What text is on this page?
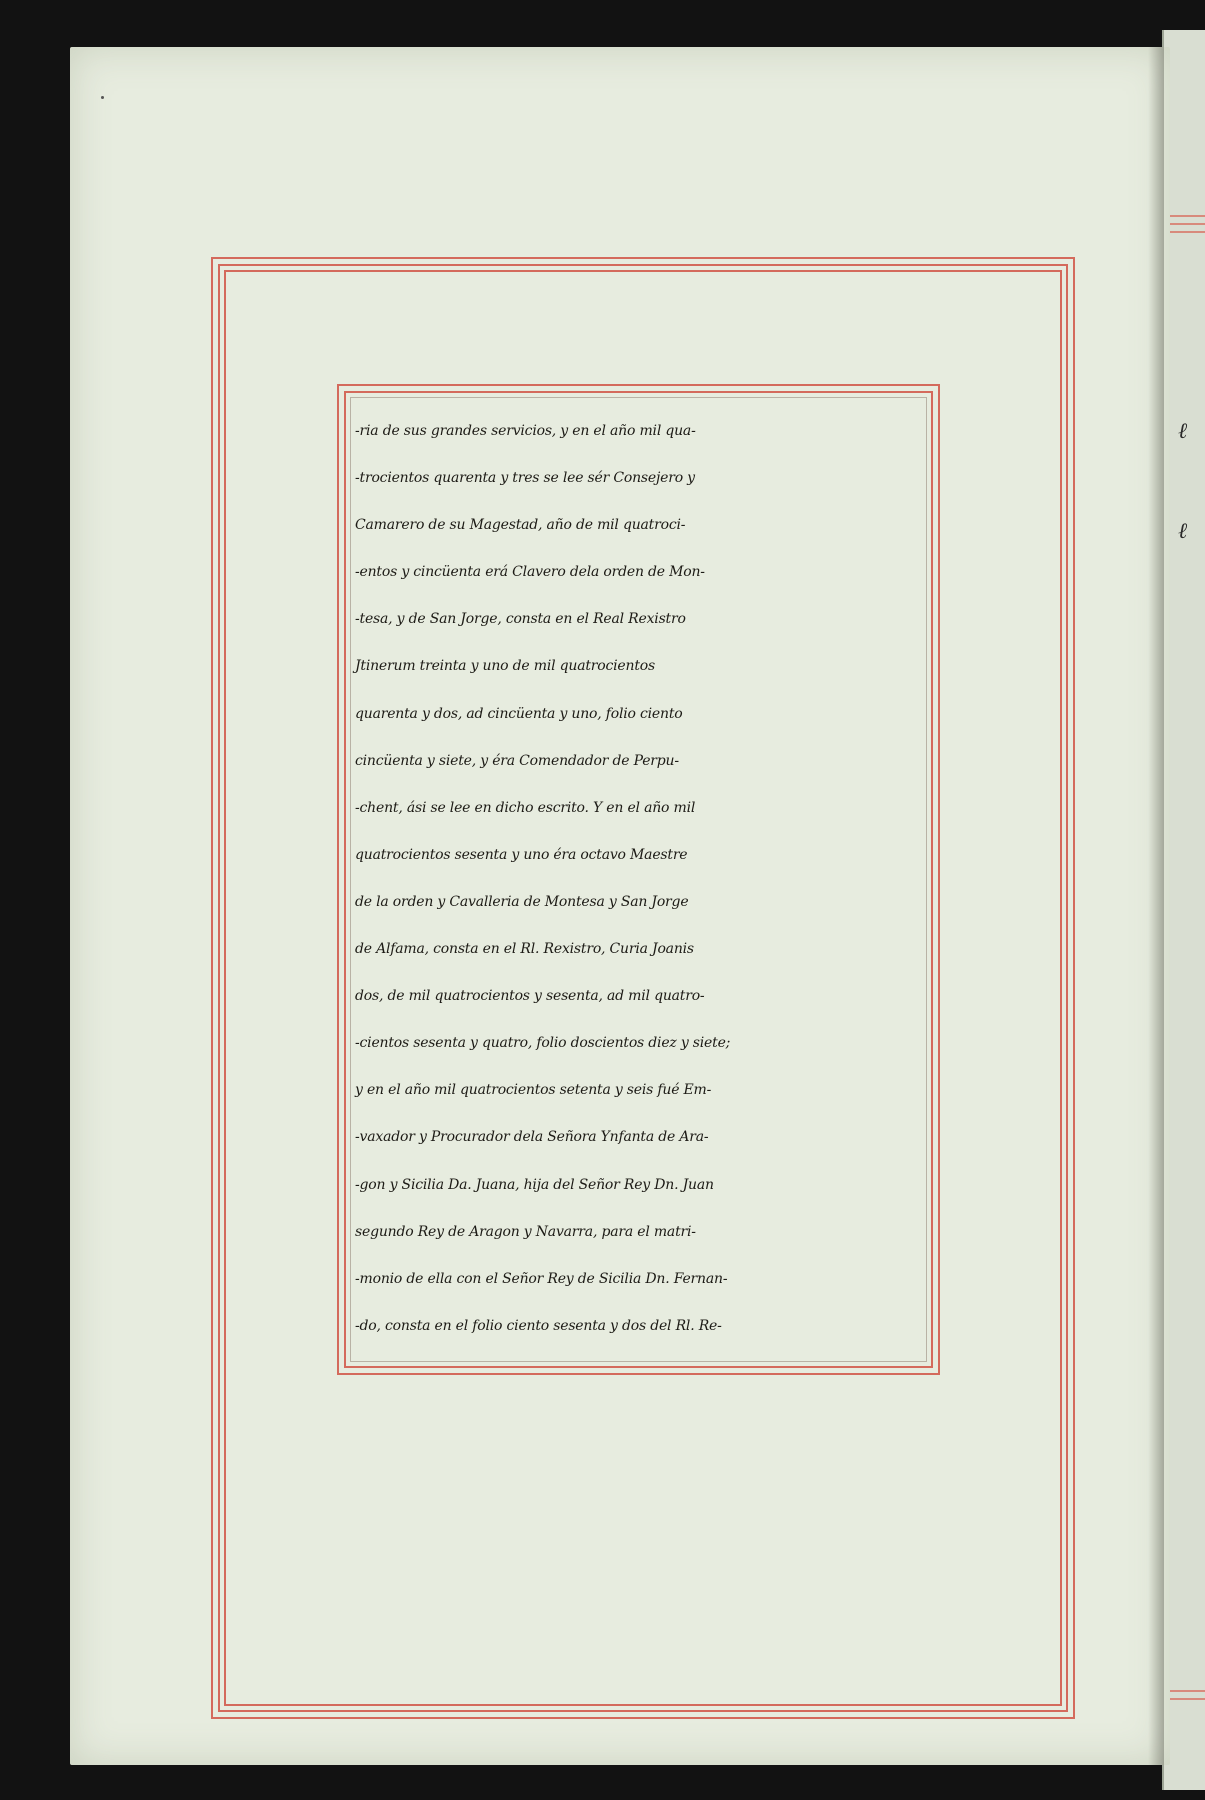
ℓ
ℓ
-ria de sus grandes servicios, y en el año mil qua-
-trocientos quarenta y tres se lee sér Consejero y
Camarero de su Magestad, año de mil quatroci-
-entos y cincüenta erá Clavero dela orden de Mon-
-tesa, y de San Jorge, consta en el Real Rexistro
Jtinerum treinta y uno de mil quatrocientos
quarenta y dos, ad cincüenta y uno, folio ciento
cincüenta y siete, y éra Comendador de Perpu-
-chent, ási se lee en dicho escrito. Y en el año mil
quatrocientos sesenta y uno éra octavo Maestre
de la orden y Cavalleria de Montesa y San Jorge
de Alfama, consta en el Rl. Rexistro, Curia Joanis
dos, de mil quatrocientos y sesenta, ad mil quatro-
-cientos sesenta y quatro, folio doscientos diez y siete;
y en el año mil quatrocientos setenta y seis fué Em-
-vaxador y Procurador dela Señora Ynfanta de Ara-
-gon y Sicilia Da. Juana, hija del Señor Rey Dn. Juan
segundo Rey de Aragon y Navarra, para el matri-
-monio de ella con el Señor Rey de Sicilia Dn. Fernan-
-do, consta en el folio ciento sesenta y dos del Rl. Re-
